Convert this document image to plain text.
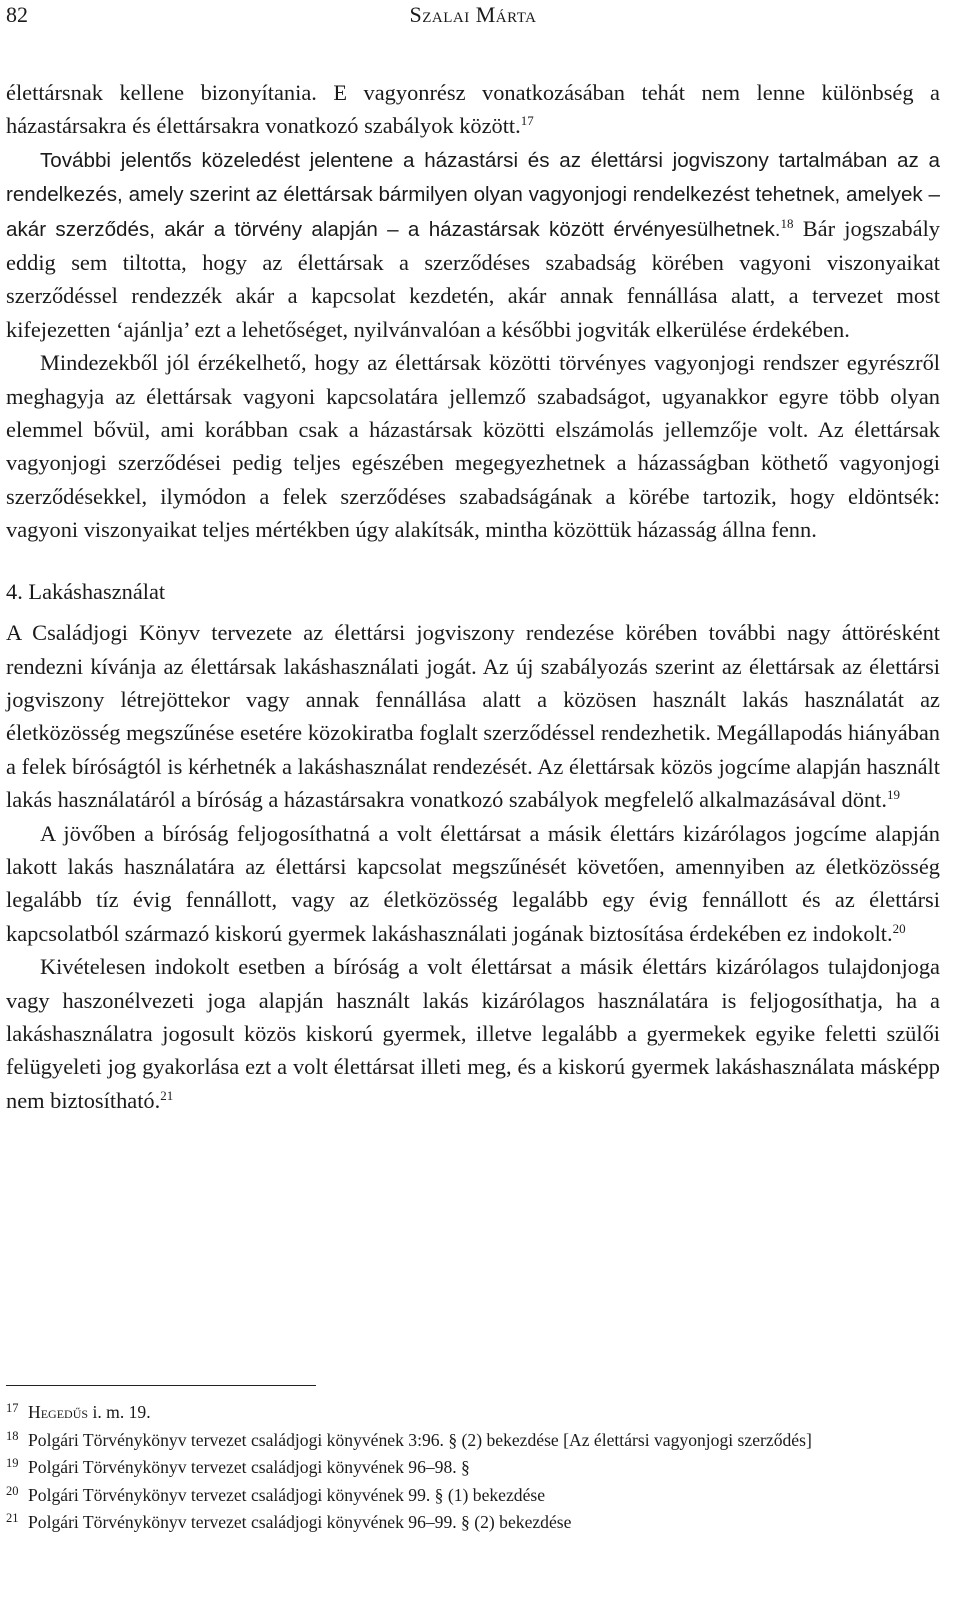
82	Szalai Márta

élettársnak kellene bizonyítania. E vagyonrész vonatkozásában tehát nem lenne különbség a házastársakra és élettársakra vonatkozó szabályok között.$^{17}$

További jelentős közeledést jelentene a házastársi és az élettársi jogviszony tartalmában az a rendelkezés, amely szerint az élettársak bármilyen olyan vagyonjogi rendelkezést tehetnek, amelyek – akár szerződés, akár a törvény alapján – a házastársak között érvényesülhetnek.$^{18}$ Bár jogszabály eddig sem tiltotta, hogy az élettársak a szerződéses szabadság körében vagyoni viszonyaikat szerződéssel rendezzék akár a kapcsolat kezdetén, akár annak fennállása alatt, a tervezet most kifejezetten ‘ajánlja’ ezt a lehetőséget, nyilvánvalóan a későbbi jogviták elkerülése érdekében.

Mindezekből jól érzékelhető, hogy az élettársak közötti törvényes vagyonjogi rendszer egyrészről meghagyja az élettársak vagyoni kapcsolatára jellemző szabadságot, ugyanakkor egyre több olyan elemmel bővül, ami korábban csak a házastársak közötti elszámolás jellemzője volt. Az élettársak vagyonjogi szerződései pedig teljes egészében megegyezhetnek a házasságban köthető vagyonjogi szerződésekkel, ilymódon a felek szerződéses szabadságának a körébe tartozik, hogy eldöntsék: vagyoni viszonyaikat teljes mértékben úgy alakítsák, mintha közöttük házasság állna fenn.

4. Lakáshasználat

A Családjogi Könyv tervezete az élettársi jogviszony rendezése körében további nagy áttörésként rendezni kívánja az élettársak lakáshasználati jogát. Az új szabályozás szerint az élettársak az élettársi jogviszony létrejöttekor vagy annak fennállása alatt a közösen használt lakás használatát az életközösség megszűnése esetére közokiratba foglalt szerződéssel rendezhetik. Megállapodás hiányában a felek bíróságtól is kérhetnék a lakáshasználat rendezését. Az élettársak közös jogcíme alapján használt lakás használatáról a bíróság a házastársakra vonatkozó szabályok megfelelő alkalmazásával dönt.$^{19}$

A jövőben a bíróság feljogosíthatná a volt élettársat a másik élettárs kizárólagos jogcíme alapján lakott lakás használatára az élettársi kapcsolat megszűnését követően, amennyiben az életközösség legalább tíz évig fennállott, vagy az életközösség legalább egy évig fennállott és az élettársi kapcsolatból származó kiskorú gyermek lakáshasználati jogának biztosítása érdekében ez indokolt.$^{20}$

Kivételesen indokolt esetben a bíróság a volt élettársat a másik élettárs kizárólagos tulajdonjoga vagy haszonélvezeti joga alapján használt lakás kizárólagos használatára is feljogosíthatja, ha a lakáshasználatra jogosult közös kiskorú gyermek, illetve legalább a gyermekek egyike feletti szülői felügyeleti jog gyakorlása ezt a volt élettársat illeti meg, és a kiskorú gyermek lakáshasználata másképp nem biztosítható.$^{21}$

17 Hegedűs i. m. 19.

18 Polgári Törvénykönyv tervezet családjogi könyvének 3:96. § (2) bekezdése [Az élettársi vagyonjogi szerződés]

19 Polgári Törvénykönyv tervezet családjogi könyvének 96–98. §

20 Polgári Törvénykönyv tervezet családjogi könyvének 99. § (1) bekezdése

21 Polgári Törvénykönyv tervezet családjogi könyvének 96–99. § (2) bekezdése
